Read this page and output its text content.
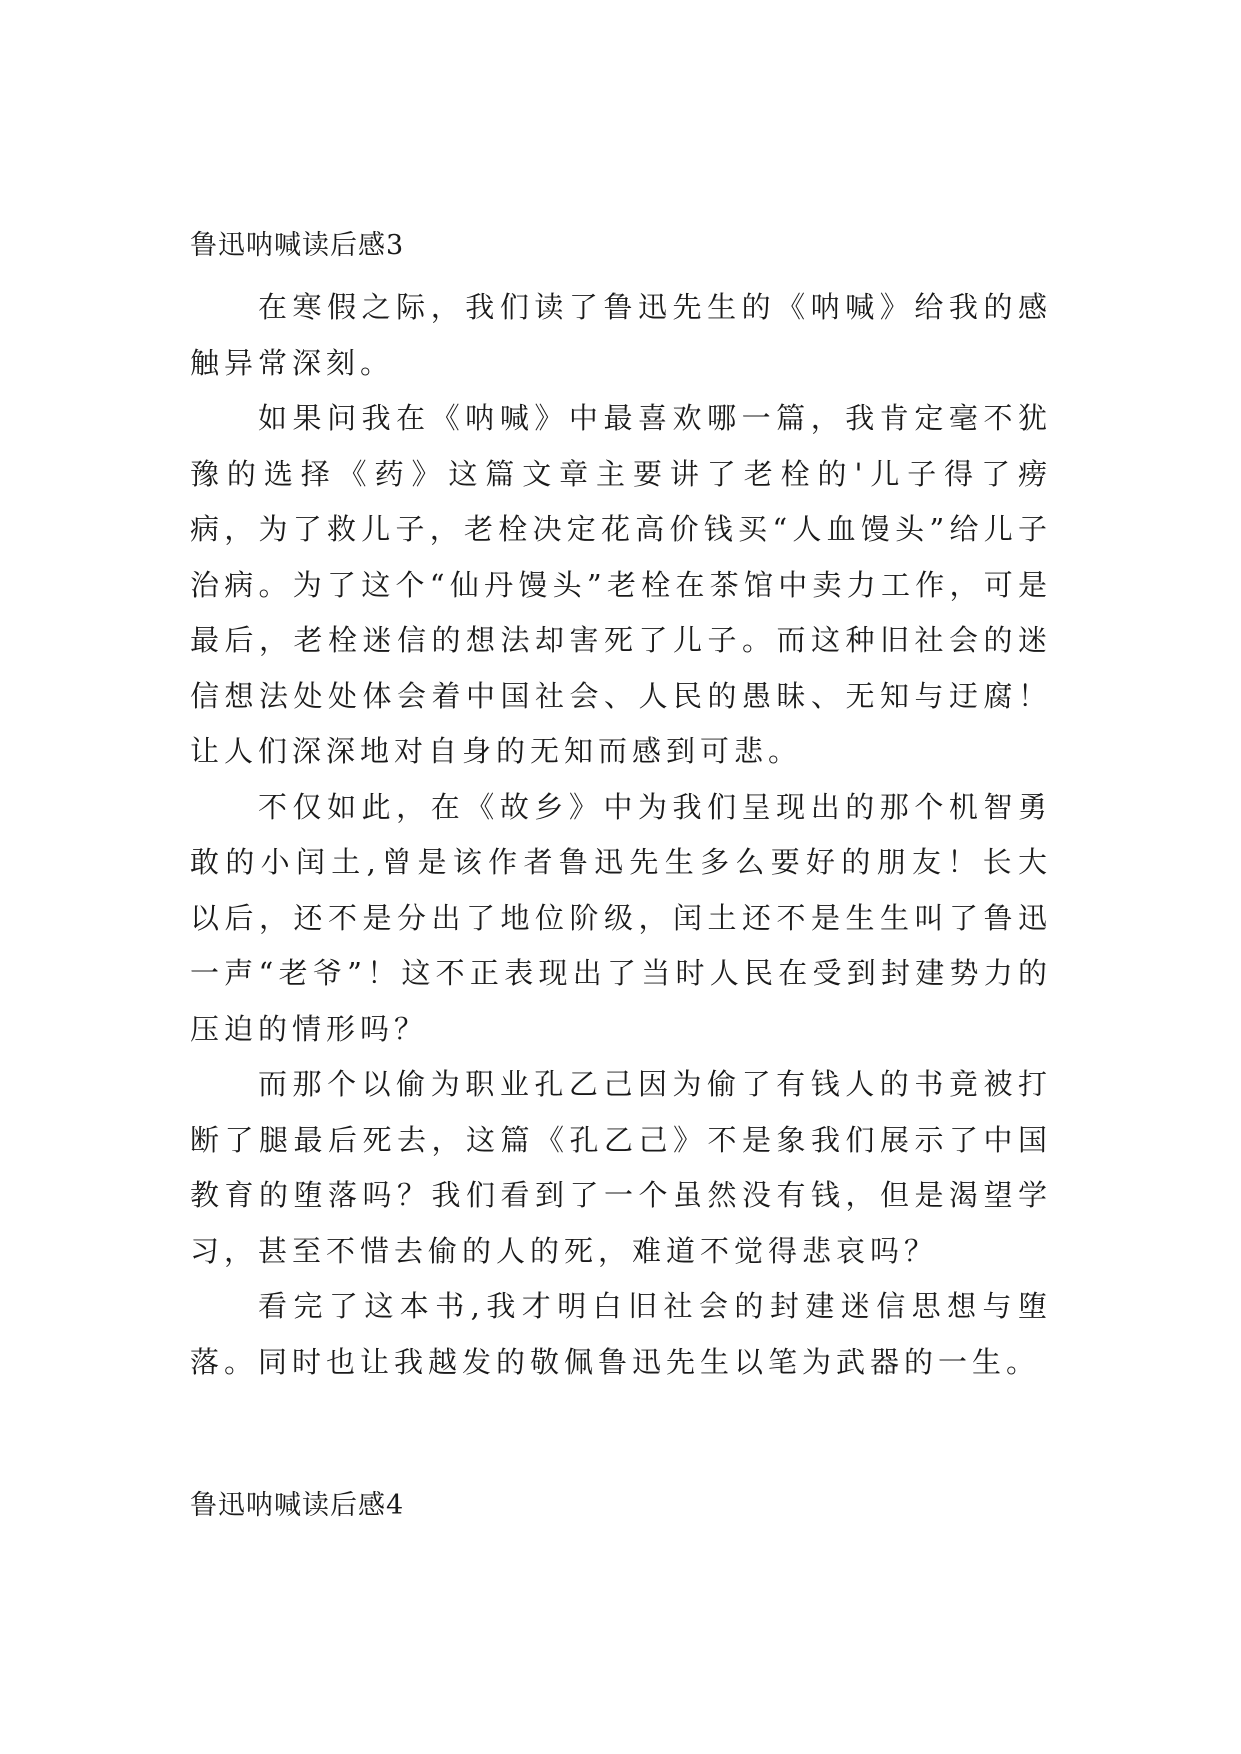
鲁迅呐喊读后感3

在寒假之际，我们读了鲁迅先生的《呐喊》给我的感触异常深刻。

如果问我在《呐喊》中最喜欢哪一篇，我肯定毫不犹豫的选择《药》这篇文章主要讲了老栓的'儿子得了痨病，为了救儿子，老栓决定花高价钱买“人血馒头”给儿子治病。为了这个“仙丹馒头”老栓在茶馆中卖力工作，可是最后，老栓迷信的想法却害死了儿子。而这种旧社会的迷信想法处处体会着中国社会、人民的愚昧、无知与迂腐！让人们深深地对自身的无知而感到可悲。

不仅如此，在《故乡》中为我们呈现出的那个机智勇敢的小闰土,曾是该作者鲁迅先生多么要好的朋友！长大以后，还不是分出了地位阶级，闰土还不是生生叫了鲁迅一声“老爷”！这不正表现出了当时人民在受到封建势力的压迫的情形吗？

而那个以偷为职业孔乙己因为偷了有钱人的书竟被打断了腿最后死去，这篇《孔乙己》不是象我们展示了中国教育的堕落吗？我们看到了一个虽然没有钱，但是渴望学习，甚至不惜去偷的人的死，难道不觉得悲哀吗？

看完了这本书,我才明白旧社会的封建迷信思想与堕落。同时也让我越发的敬佩鲁迅先生以笔为武器的一生。

鲁迅呐喊读后感4
